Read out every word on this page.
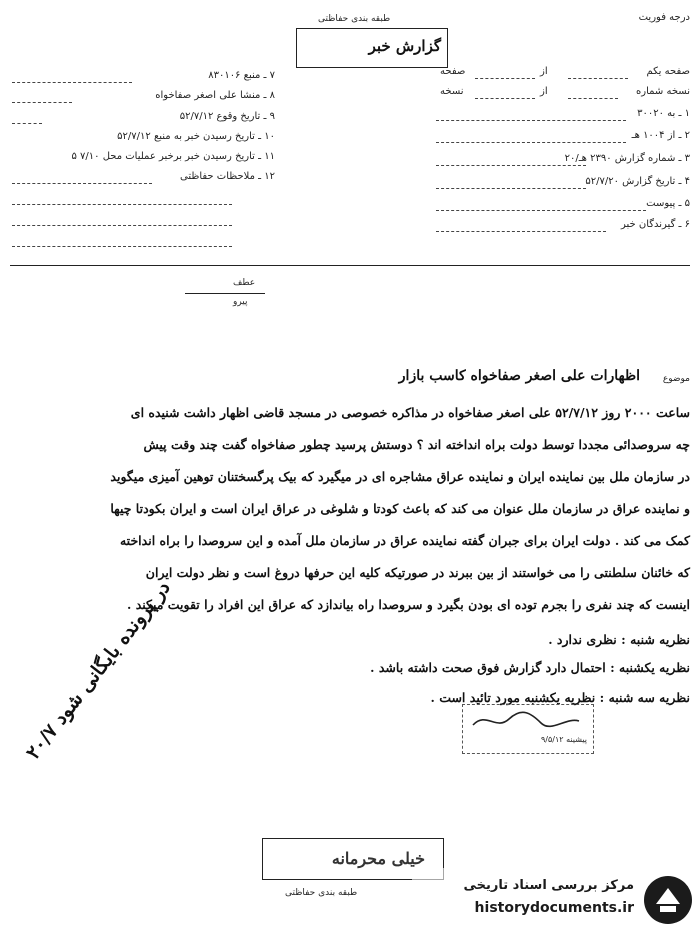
درجه فوریت
طبقه بندی حفاظتی
گزارش خبر
صفحه یکم
از
صفحه
نسخه شماره
از
نسخه
۱ ـ به ۳۰۰۲۰
۲ ـ از ۱۰۰۴ هـ
۳ ـ شماره گزارش ۲۳۹۰ هـ/۲۰
۴ ـ تاریخ گزارش ۵۲/۷/۲۰
۵ ـ پیوست
۶ ـ گیرندگان خبر
۷ ـ منبع ۸۳۰۱۰۶
۸ ـ منشا علی اصغر صفاخواه
۹ ـ تاریخ وقوع ۵۲/۷/۱۲
۱۰ ـ تاریخ رسیدن خبر به منبع ۵۲/۷/۱۲
۱۱ ـ تاریخ رسیدن خبر برخبر عملیات محل ۷/۱۰ ۵
۱۲ ـ ملاحظات حفاظتی
موضوع
اظهارات علی اصغر صفاخواه کاسب بازار
عطف
پیرو
ساعت ۲۰۰۰ روز ۵۲/۷/۱۲ علی اصغر صفاخواه در مذاکره خصوصی در مسجد قاضی اظهار داشت شنیده ای
چه سروصدائی مجددا توسط دولت براه انداخته اند ؟ دوستش پرسید چطور صفاخواه گفت چند وقت پیش
در سازمان ملل بین نماینده ایران و نماینده عراق مشاجره ای در میگیرد که بیک پرگسختنان توهین آمیزی میگوید
و نماینده عراق در سازمان ملل عنوان می کند که باعث کودتا و شلوغی در عراق ایران است و ایران بکودتا چیها
کمک می کند . دولت ایران برای جبران گفته نماینده عراق در سازمان ملل آمده و این سروصدا را براه انداخته
که خائنان سلطنتی را می خواستند از بین ببرند در صورتیکه کلیه این حرفها دروغ است و نظر دولت ایران
اینست که چند نفری را بجرم توده ای بودن بگیرد و سروصدا راه بیاندازد که عراق این افراد را تقویت میکند .
نظریه شنبه : نظری ندارد .
نظریه یکشنبه : احتمال دارد گزارش فوق صحت داشته باشد .
نظریه سه شنبه : نظریه یکشنبه مورد تائید است .
در پرونده بایگانی شود ۲۰/۷
پیشینه ۹/۵/۱۲
خیلی محرمانه
طبقه بندی حفاظتی	مرکز بررسی اسناد تاریخی
historydocuments.ir
